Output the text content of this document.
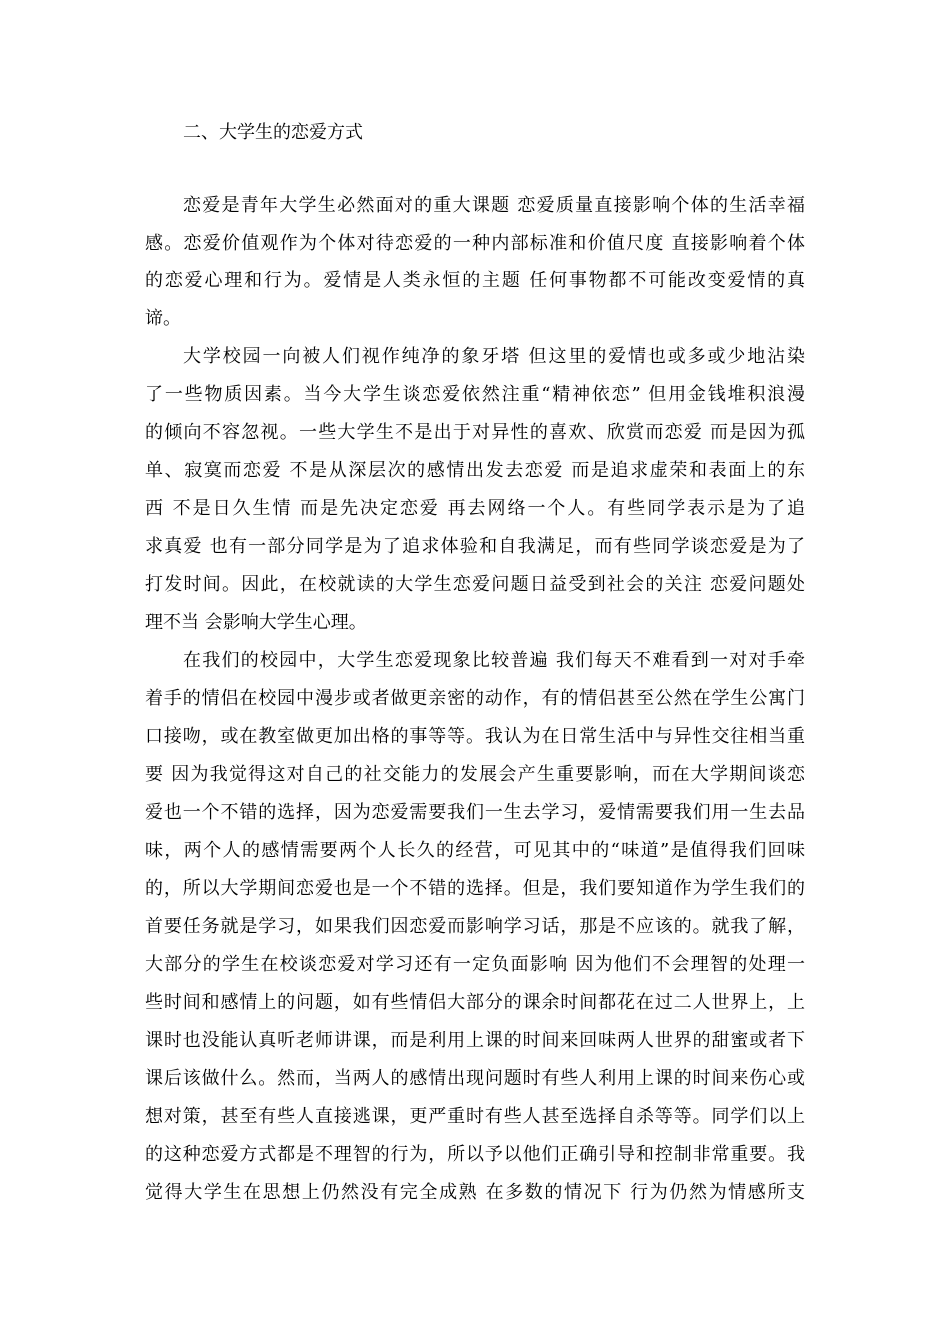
二、大学生的恋爱方式
恋爱是青年大学生必然面对的重大课题 恋爱质量直接影响个体的生活幸福
感。恋爱价值观作为个体对待恋爱的一种内部标准和价值尺度 直接影响着个体
的恋爱心理和行为。爱情是人类永恒的主题 任何事物都不可能改变爱情的真
谛。
大学校园一向被人们视作纯净的象牙塔 但这里的爱情也或多或少地沾染
了一些物质因素。当今大学生谈恋爱依然注重“精神依恋” 但用金钱堆积浪漫
的倾向不容忽视。一些大学生不是出于对异性的喜欢、欣赏而恋爱 而是因为孤
单、寂寞而恋爱 不是从深层次的感情出发去恋爱 而是追求虚荣和表面上的东
西 不是日久生情 而是先决定恋爱 再去网络一个人。有些同学表示是为了追
求真爱 也有一部分同学是为了追求体验和自我满足，而有些同学谈恋爱是为了
打发时间。因此，在校就读的大学生恋爱问题日益受到社会的关注 恋爱问题处
理不当 会影响大学生心理。
在我们的校园中，大学生恋爱现象比较普遍 我们每天不难看到一对对手牵
着手的情侣在校园中漫步或者做更亲密的动作，有的情侣甚至公然在学生公寓门
口接吻，或在教室做更加出格的事等等。我认为在日常生活中与异性交往相当重
要 因为我觉得这对自己的社交能力的发展会产生重要影响，而在大学期间谈恋
爱也一个不错的选择，因为恋爱需要我们一生去学习，爱情需要我们用一生去品
味，两个人的感情需要两个人长久的经营，可见其中的“味道”是值得我们回味
的，所以大学期间恋爱也是一个不错的选择。但是，我们要知道作为学生我们的
首要任务就是学习，如果我们因恋爱而影响学习话，那是不应该的。就我了解，
大部分的学生在校谈恋爱对学习还有一定负面影响 因为他们不会理智的处理一
些时间和感情上的问题，如有些情侣大部分的课余时间都花在过二人世界上，上
课时也没能认真听老师讲课，而是利用上课的时间来回味两人世界的甜蜜或者下
课后该做什么。然而，当两人的感情出现问题时有些人利用上课的时间来伤心或
想对策，甚至有些人直接逃课，更严重时有些人甚至选择自杀等等。同学们以上
的这种恋爱方式都是不理智的行为，所以予以他们正确引导和控制非常重要。我
觉得大学生在思想上仍然没有完全成熟 在多数的情况下 行为仍然为情感所支
